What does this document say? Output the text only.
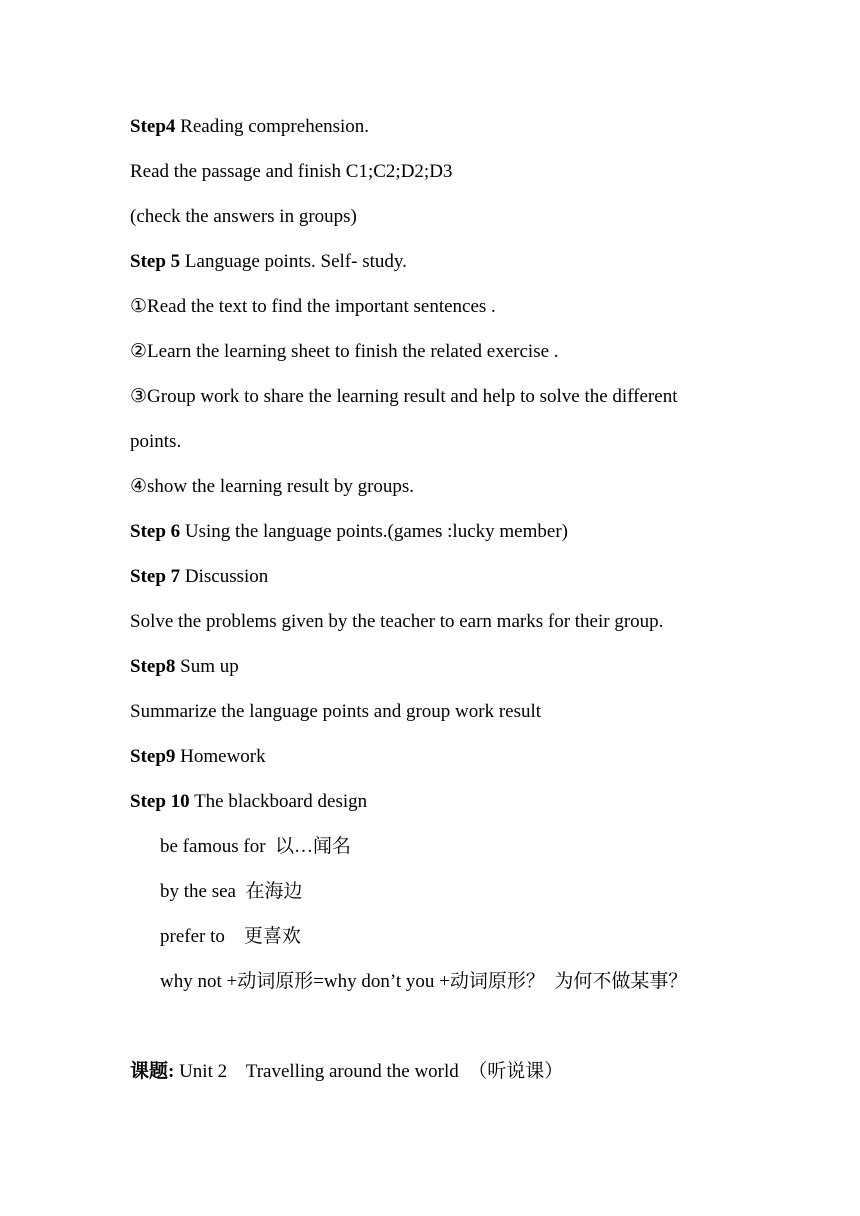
Step4 Reading comprehension.
Read the passage and finish C1;C2;D2;D3
(check the answers in groups)
Step 5 Language points. Self- study.
①Read the text to find the important sentences .
②Learn the learning sheet to finish the related exercise .
③Group work to share the learning result and help to solve the different
points.
④show the learning result by groups.
Step 6 Using the language points.(games :lucky member)
Step 7 Discussion
Solve the problems given by the teacher to earn marks for their group.
Step8 Sum up
Summarize the language points and group work result
Step9 Homework
Step 10 The blackboard design
be famous for  以…闻名
by the sea  在海边
prefer to    更喜欢
why not +动词原形=why don’t you +动词原形？  为何不做某事？
课题: Unit 2    Travelling around the world  （听说课）
